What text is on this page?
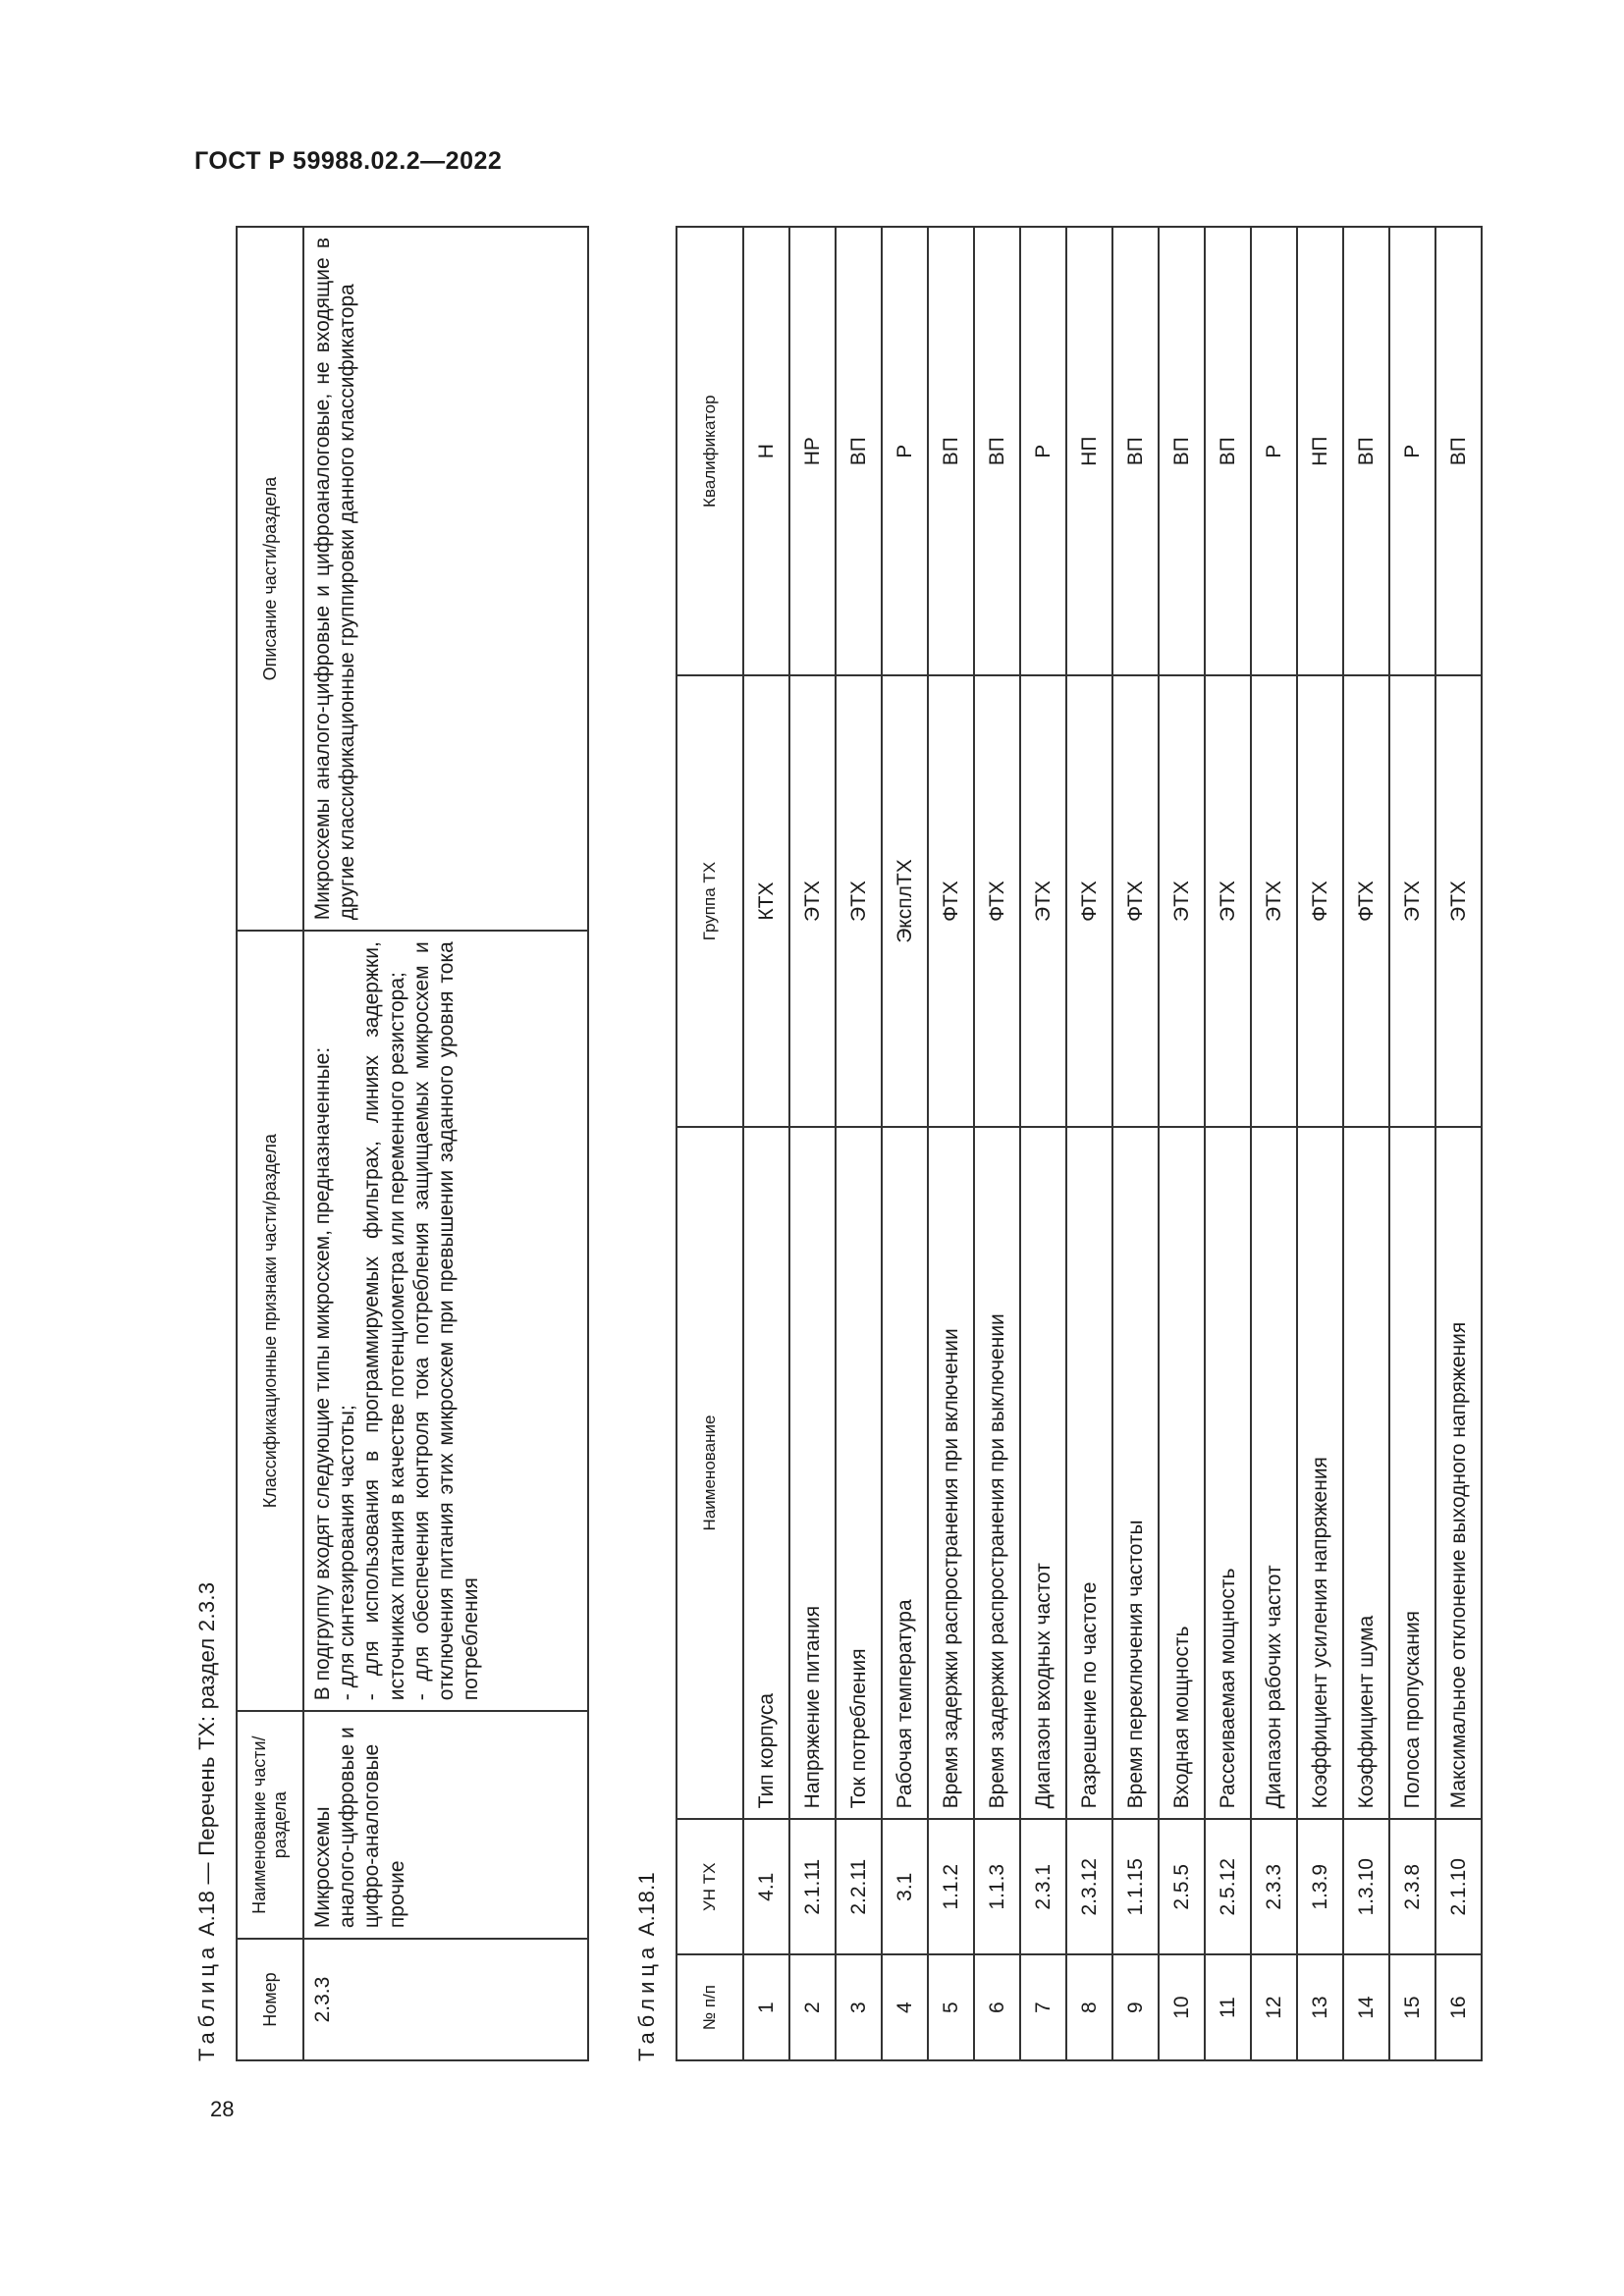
ГОСТ Р 59988.02.2—2022
28
Таблица А.18 — Перечень ТХ: раздел 2.3.3
Номер	Наименование части/раздела	Классификационные признаки части/раздела	Описание части/раздела
2.3.3	Микросхемы аналого-цифровые и цифро-аналоговые прочие	В подгруппу входят следующие типы микросхем, предназначенные:
- для синтезирования частоты;
- для использования в программируемых фильтрах, линиях задержки, источниках питания в качестве потенциометра или переменного резистора;
- для обеспечения контроля тока потребления защищаемых микросхем и отключения питания этих микросхем при превышении заданного уровня тока потребления	Микросхемы аналого-цифровые и цифроаналоговые, не входящие в другие классификационные группировки данного классификатора
Таблица А.18.1
№ п/п	УН ТХ	Наименование	Группа ТХ	Квалификатор
1	4.1	Тип корпуса	КТХ	Н
2	2.1.11	Напряжение питания	ЭТХ	НР
3	2.2.11	Ток потребления	ЭТХ	ВП
4	3.1	Рабочая температура	ЭксплТХ	Р
5	1.1.2	Время задержки распространения при включении	ФТХ	ВП
6	1.1.3	Время задержки распространения при выключении	ФТХ	ВП
7	2.3.1	Диапазон входных частот	ЭТХ	Р
8	2.3.12	Разрешение по частоте	ФТХ	НП
9	1.1.15	Время переключения частоты	ФТХ	ВП
10	2.5.5	Входная мощность	ЭТХ	ВП
11	2.5.12	Рассеиваемая мощность	ЭТХ	ВП
12	2.3.3	Диапазон рабочих частот	ЭТХ	Р
13	1.3.9	Коэффициент усиления напряжения	ФТХ	НП
14	1.3.10	Коэффициент шума	ФТХ	ВП
15	2.3.8	Полоса пропускания	ЭТХ	Р
16	2.1.10	Максимальное отклонение выходного напряжения	ЭТХ	ВП
